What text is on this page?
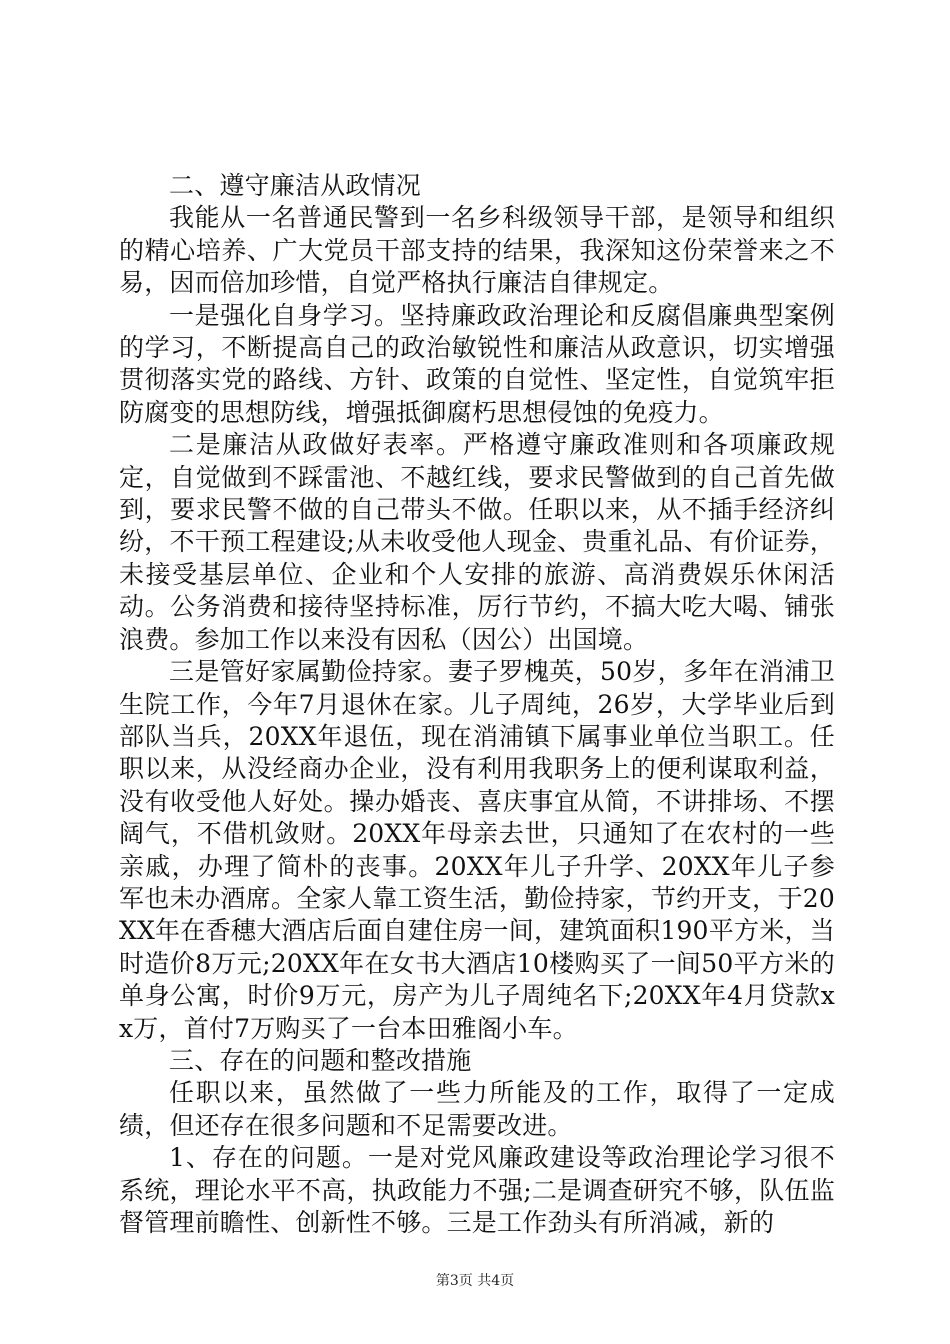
二、遵守廉洁从政情况

我能从一名普通民警到一名乡科级领导干部，是领导和组织的精心培养、广大党员干部支持的结果，我深知这份荣誉来之不易，因而倍加珍惜，自觉严格执行廉洁自律规定。

一是强化自身学习。坚持廉政政治理论和反腐倡廉典型案例的学习，不断提高自己的政治敏锐性和廉洁从政意识，切实增强贯彻落实党的路线、方针、政策的自觉性、坚定性，自觉筑牢拒防腐变的思想防线，增强抵御腐朽思想侵蚀的免疫力。

二是廉洁从政做好表率。严格遵守廉政准则和各项廉政规定，自觉做到不踩雷池、不越红线，要求民警做到的自己首先做到，要求民警不做的自己带头不做。任职以来，从不插手经济纠纷，不干预工程建设;从未收受他人现金、贵重礼品、有价证券，未接受基层单位、企业和个人安排的旅游、高消费娱乐休闲活动。公务消费和接待坚持标准，厉行节约，不搞大吃大喝、铺张浪费。参加工作以来没有因私（因公）出国境。

三是管好家属勤俭持家。妻子罗槐英，50岁，多年在消浦卫生院工作，今年7月退休在家。儿子周纯，26岁，大学毕业后到部队当兵，20XX年退伍，现在消浦镇下属事业单位当职工。任职以来，从没经商办企业，没有利用我职务上的便利谋取利益，没有收受他人好处。操办婚丧、喜庆事宜从简，不讲排场、不摆阔气，不借机敛财。20XX年母亲去世，只通知了在农村的一些亲戚，办理了简朴的丧事。20XX年儿子升学、20XX年儿子参军也未办酒席。全家人靠工资生活，勤俭持家，节约开支，于20XX年在香穗大酒店后面自建住房一间，建筑面积190平方米，当时造价8万元;20XX年在女书大酒店10楼购买了一间50平方米的单身公寓，时价9万元，房产为儿子周纯名下;20XX年4月贷款xx万，首付7万购买了一台本田雅阁小车。

三、存在的问题和整改措施

任职以来，虽然做了一些力所能及的工作，取得了一定成绩，但还存在很多问题和不足需要改进。

1、存在的问题。一是对党风廉政建设等政治理论学习很不系统，理论水平不高，执政能力不强;二是调查研究不够，队伍监督管理前瞻性、创新性不够。三是工作劲头有所消减，新的

第3页 共4页
